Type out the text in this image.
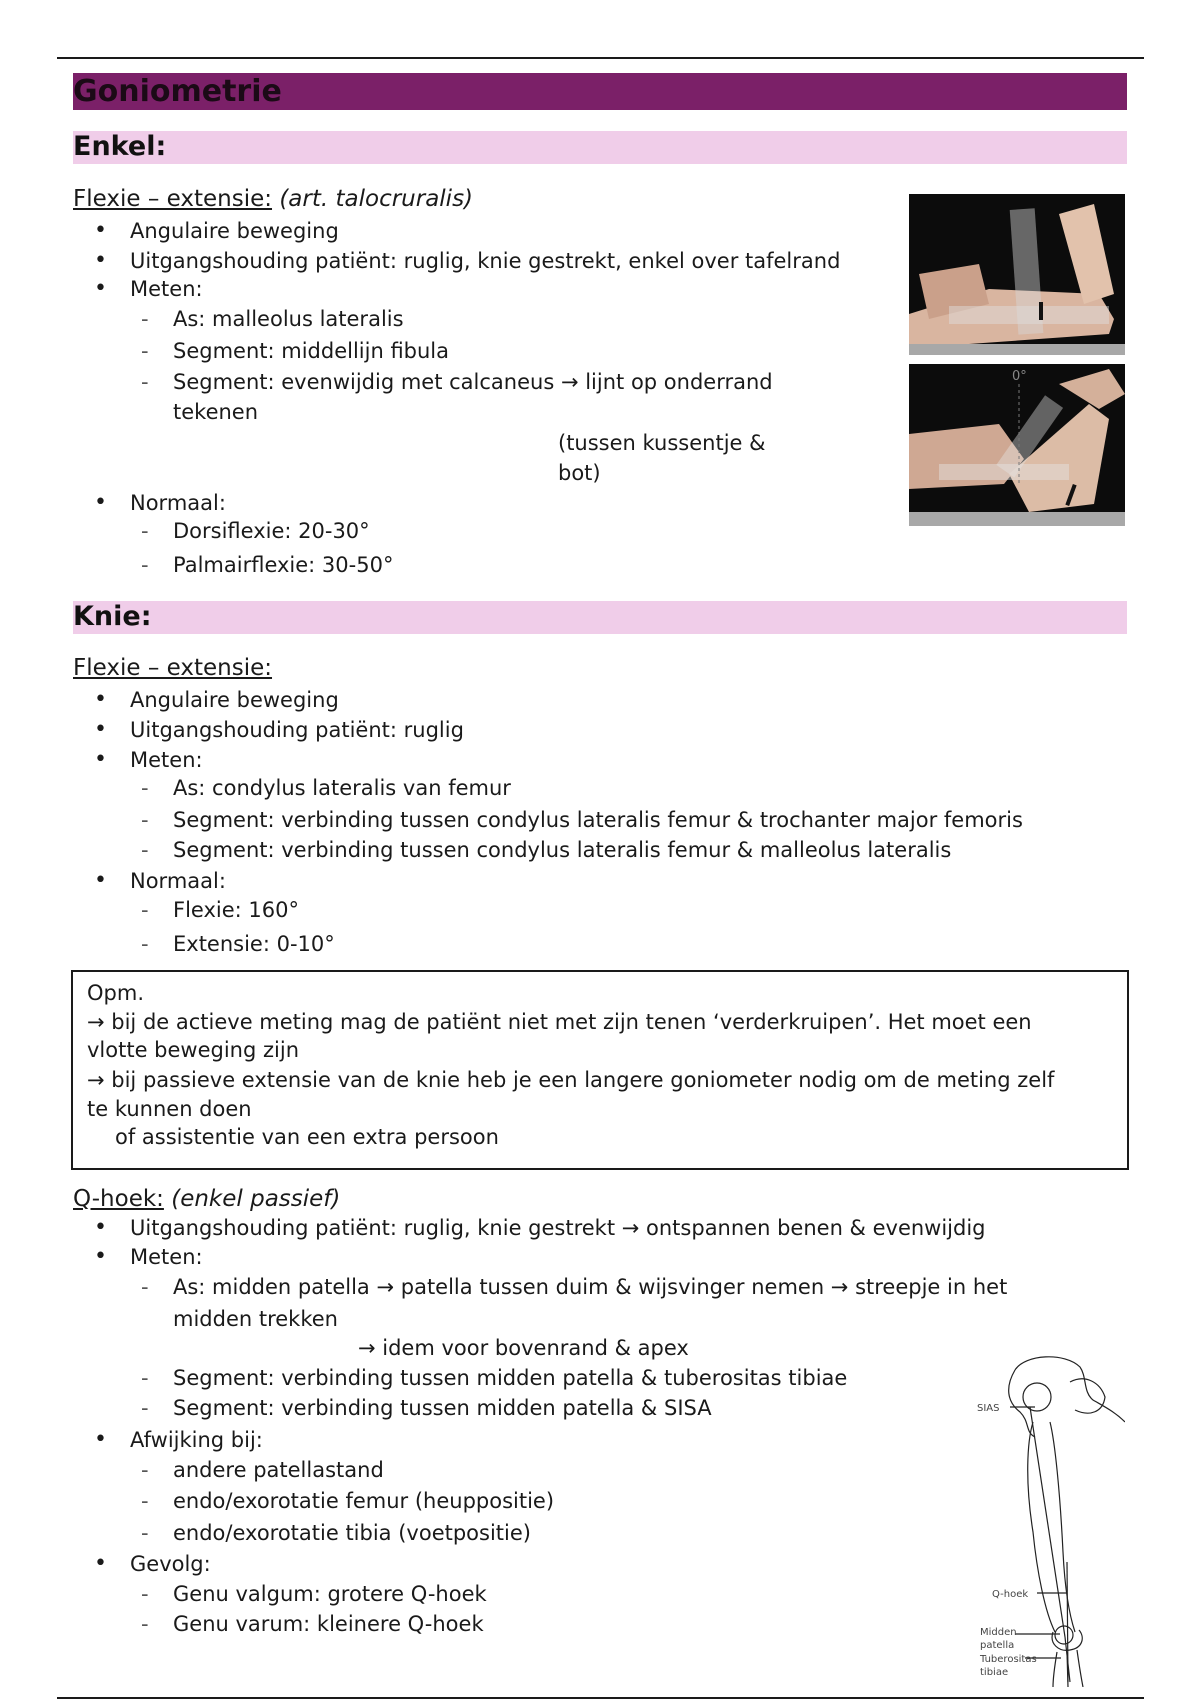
Goniometrie
Enkel:
Flexie – extensie: (art. talocruralis)
• Angulaire beweging
• Uitgangshouding patiënt: ruglig, knie gestrekt, enkel over tafelrand
• Meten:
- As: malleolus lateralis
- Segment: middellijn fibula
- Segment: evenwijdig met calcaneus → lijnt op onderrand
tekenen
(tussen kussentje &
bot)
• Normaal:
- Dorsiflexie: 20-30°
- Palmairflexie: 30-50°
0°
Knie:
Flexie – extensie:
• Angulaire beweging
• Uitgangshouding patiënt: ruglig
• Meten:
- As: condylus lateralis van femur
- Segment: verbinding tussen condylus lateralis femur & trochanter major femoris
- Segment: verbinding tussen condylus lateralis femur & malleolus lateralis
• Normaal:
- Flexie: 160°
- Extensie: 0-10°
Opm.
→ bij de actieve meting mag de patiënt niet met zijn tenen ‘verderkruipen’. Het moet een
vlotte beweging zijn
→ bij passieve extensie van de knie heb je een langere goniometer nodig om de meting zelf
te kunnen doen
of assistentie van een extra persoon
Q-hoek: (enkel passief)
• Uitgangshouding patiënt: ruglig, knie gestrekt → ontspannen benen & evenwijdig
• Meten:
- As: midden patella → patella tussen duim & wijsvinger nemen → streepje in het
midden trekken
→ idem voor bovenrand & apex
- Segment: verbinding tussen midden patella & tuberositas tibiae
- Segment: verbinding tussen midden patella & SISA
• Afwijking bij:
- andere patellastand
- endo/exorotatie femur (heuppositie)
- endo/exorotatie tibia (voetpositie)
• Gevolg:
- Genu valgum: grotere Q-hoek
- Genu varum: kleinere Q-hoek
SIAS
Q-hoek
Midden
patella
Tuberositas
tibiae
